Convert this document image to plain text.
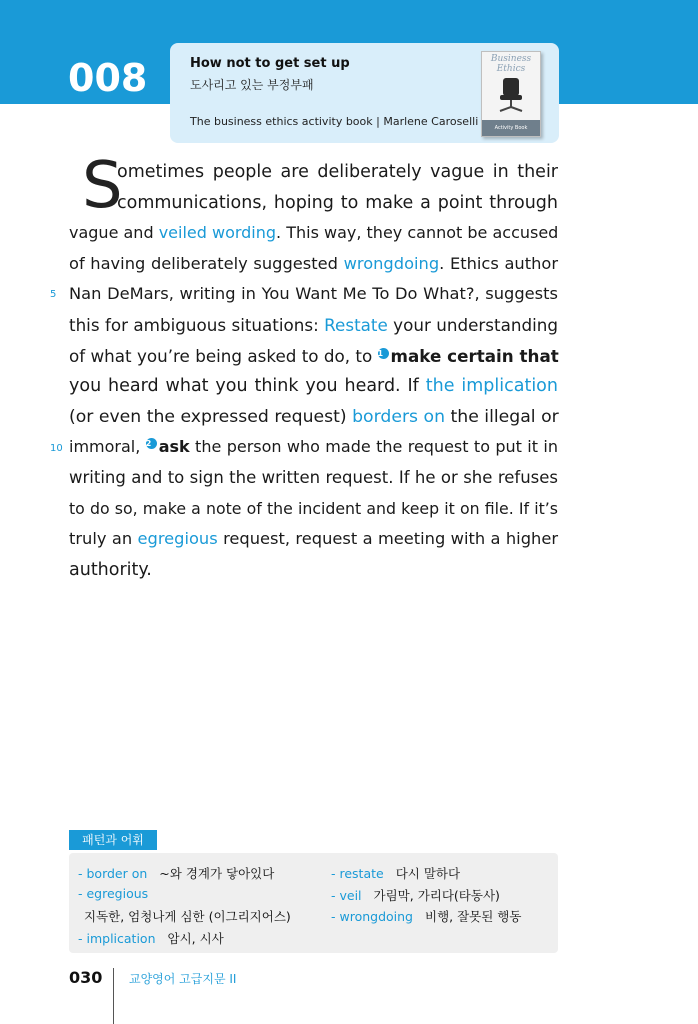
008	How not to get set up
도사리고 있는 부정부패
The business ethics activity book | Marlene Caroselli
Business
Ethics
Activity Book
S
ometimes people are deliberately vague in their
communications, hoping to make a point through
vague and veiled wording. This way, they cannot be accused
of having deliberately suggested wrongdoing. Ethics author
Nan DeMars, writing in You Want Me To Do What?, suggests
this for ambiguous situations: Restate your understanding
of what you’re being asked to do, to 1 make certain that
you heard what you think you heard. If the implication
(or even the expressed request) borders on the illegal or
immoral, 2 ask the person who made the request to put it in
writing and to sign the written request. If he or she refuses
to do so, make a note of the incident and keep it on file. If it’s
truly an egregious request, request a meeting with a higher
authority.
5
10
패턴과 어휘
- border on ~와 경계가 닿아있다
- egregious
지독한, 엄청나게 심한 (이그리지어스)
- implication 암시, 시사
- restate 다시 말하다
- veil 가림막, 가리다(타동사)
- wrongdoing 비행, 잘못된 행동
030 교양영어 고급지문 II
